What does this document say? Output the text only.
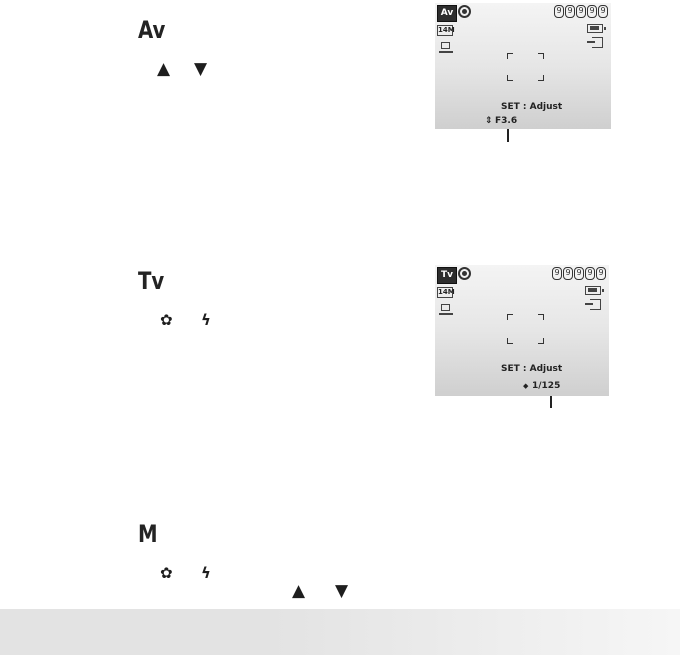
Av
▲ ▼
Av	9 9 9 9 9
14M
SET : Adjust
⇕ F3.6
Tv
✿ ϟ
Tv	9 9 9 9 9
14M
SET : Adjust
◆ 1/125
M
✿ ϟ
▲ ▼
